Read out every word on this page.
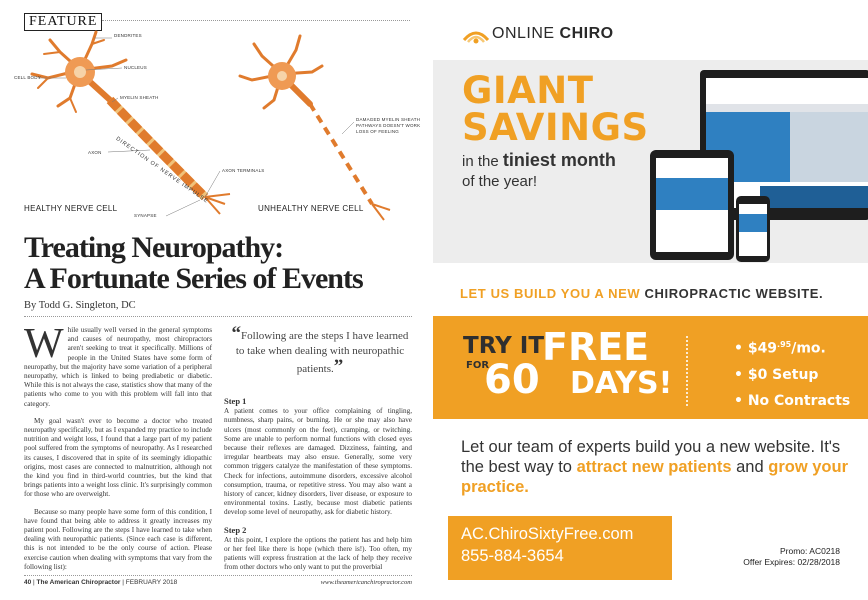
FEATURE
DENDRITES
NUCLEUS
CELL BODY
MYELIN SHEATH
DIRECTION OF NERVE IMPULSE
AXON
AXON TERMINALS
SYNAPSE
DAMAGED MYELIN SHEATH
PATHWAYS DOESN'T WORK
LOSS OF FEELING
HEALTHY NERVE CELL	UNHEALTHY NERVE CELL
Treating Neuropathy:
A Fortunate Series of Events
By Todd G. Singleton, DC

While usually well versed in the general symptoms and causes of neuropathy, most chiropractors aren't seeking to treat it specifically. Millions of people in the United States have some form of neuropathy, but the majority have some variation of a peripheral neuropathy, which is linked to being prediabetic or diabetic. While this is not always the case, statistics show that many of the patients who come to you with this problem will fall into that category.

My goal wasn't ever to become a doctor who treated neuropathy specifically, but as I expanded my practice to include nutrition and weight loss, I found that a large part of my patient pool suffered from the symptoms of neuropathy. As I researched its causes, I discovered that in spite of its seemingly idiopathic origins, most cases are connected to malnutrition, although not the kind you find in third-world countries, but the kind that brings patients into a weight loss clinic. It's surprisingly common for those who are overweight.

Because so many people have some form of this condition, I have found that being able to address it greatly increases my patient pool. Following are the steps I have learned to take when dealing with neuropathic patients. (Since each case is different, this is not intended to be the only course of action. Please exercise caution when dealing with symptoms that vary from the following list):

“Following are the steps I have learned to take when dealing with neuropathic patients.”
Step 1

A patient comes to your office complaining of tingling, numbness, sharp pains, or burning. He or she may also have ulcers (most commonly on the feet), cramping, or twitching. Some are unable to perform normal functions with closed eyes because their reflexes are damaged. Dizziness, fainting, and irregular heartbeats may also ensue. Generally, some very common triggers catalyze the manifestation of these symptoms. Check for infections, autoimmune disorders, excessive alcohol consumption, trauma, or repetitive stress. You may also want a history of cancer, kidney disorders, liver disease, or exposure to environmental toxins. Lastly, because most diabetic patients develop some level of neuropathy, ask for diabetic history.

Step 2

At this point, I explore the options the patient has and help him or her feel like there is hope (which there is!). Too often, my patients will express frustration at the lack of help they receive from other doctors who only want to put the proverbial

40 | The American Chiropractor | FEBRUARY 2018	www.theamericanchiropractor.com
ONLINE CHIRO
GIANT
SAVINGS
in the tiniest month
of the year!
LET US BUILD YOU A NEW CHIROPRACTIC WEBSITE.
TRY IT
FOR FREE
60 DAYS!
• $\$49^{.95}/mo$.
• $0 Setup
• No Contracts
Let our team of experts build you a new website. It's the best way to attract new patients and grow your practice.
AC.ChiroSixtyFree.com
855-884-3654	Promo: AC0218
Offer Expires: 02/28/2018
